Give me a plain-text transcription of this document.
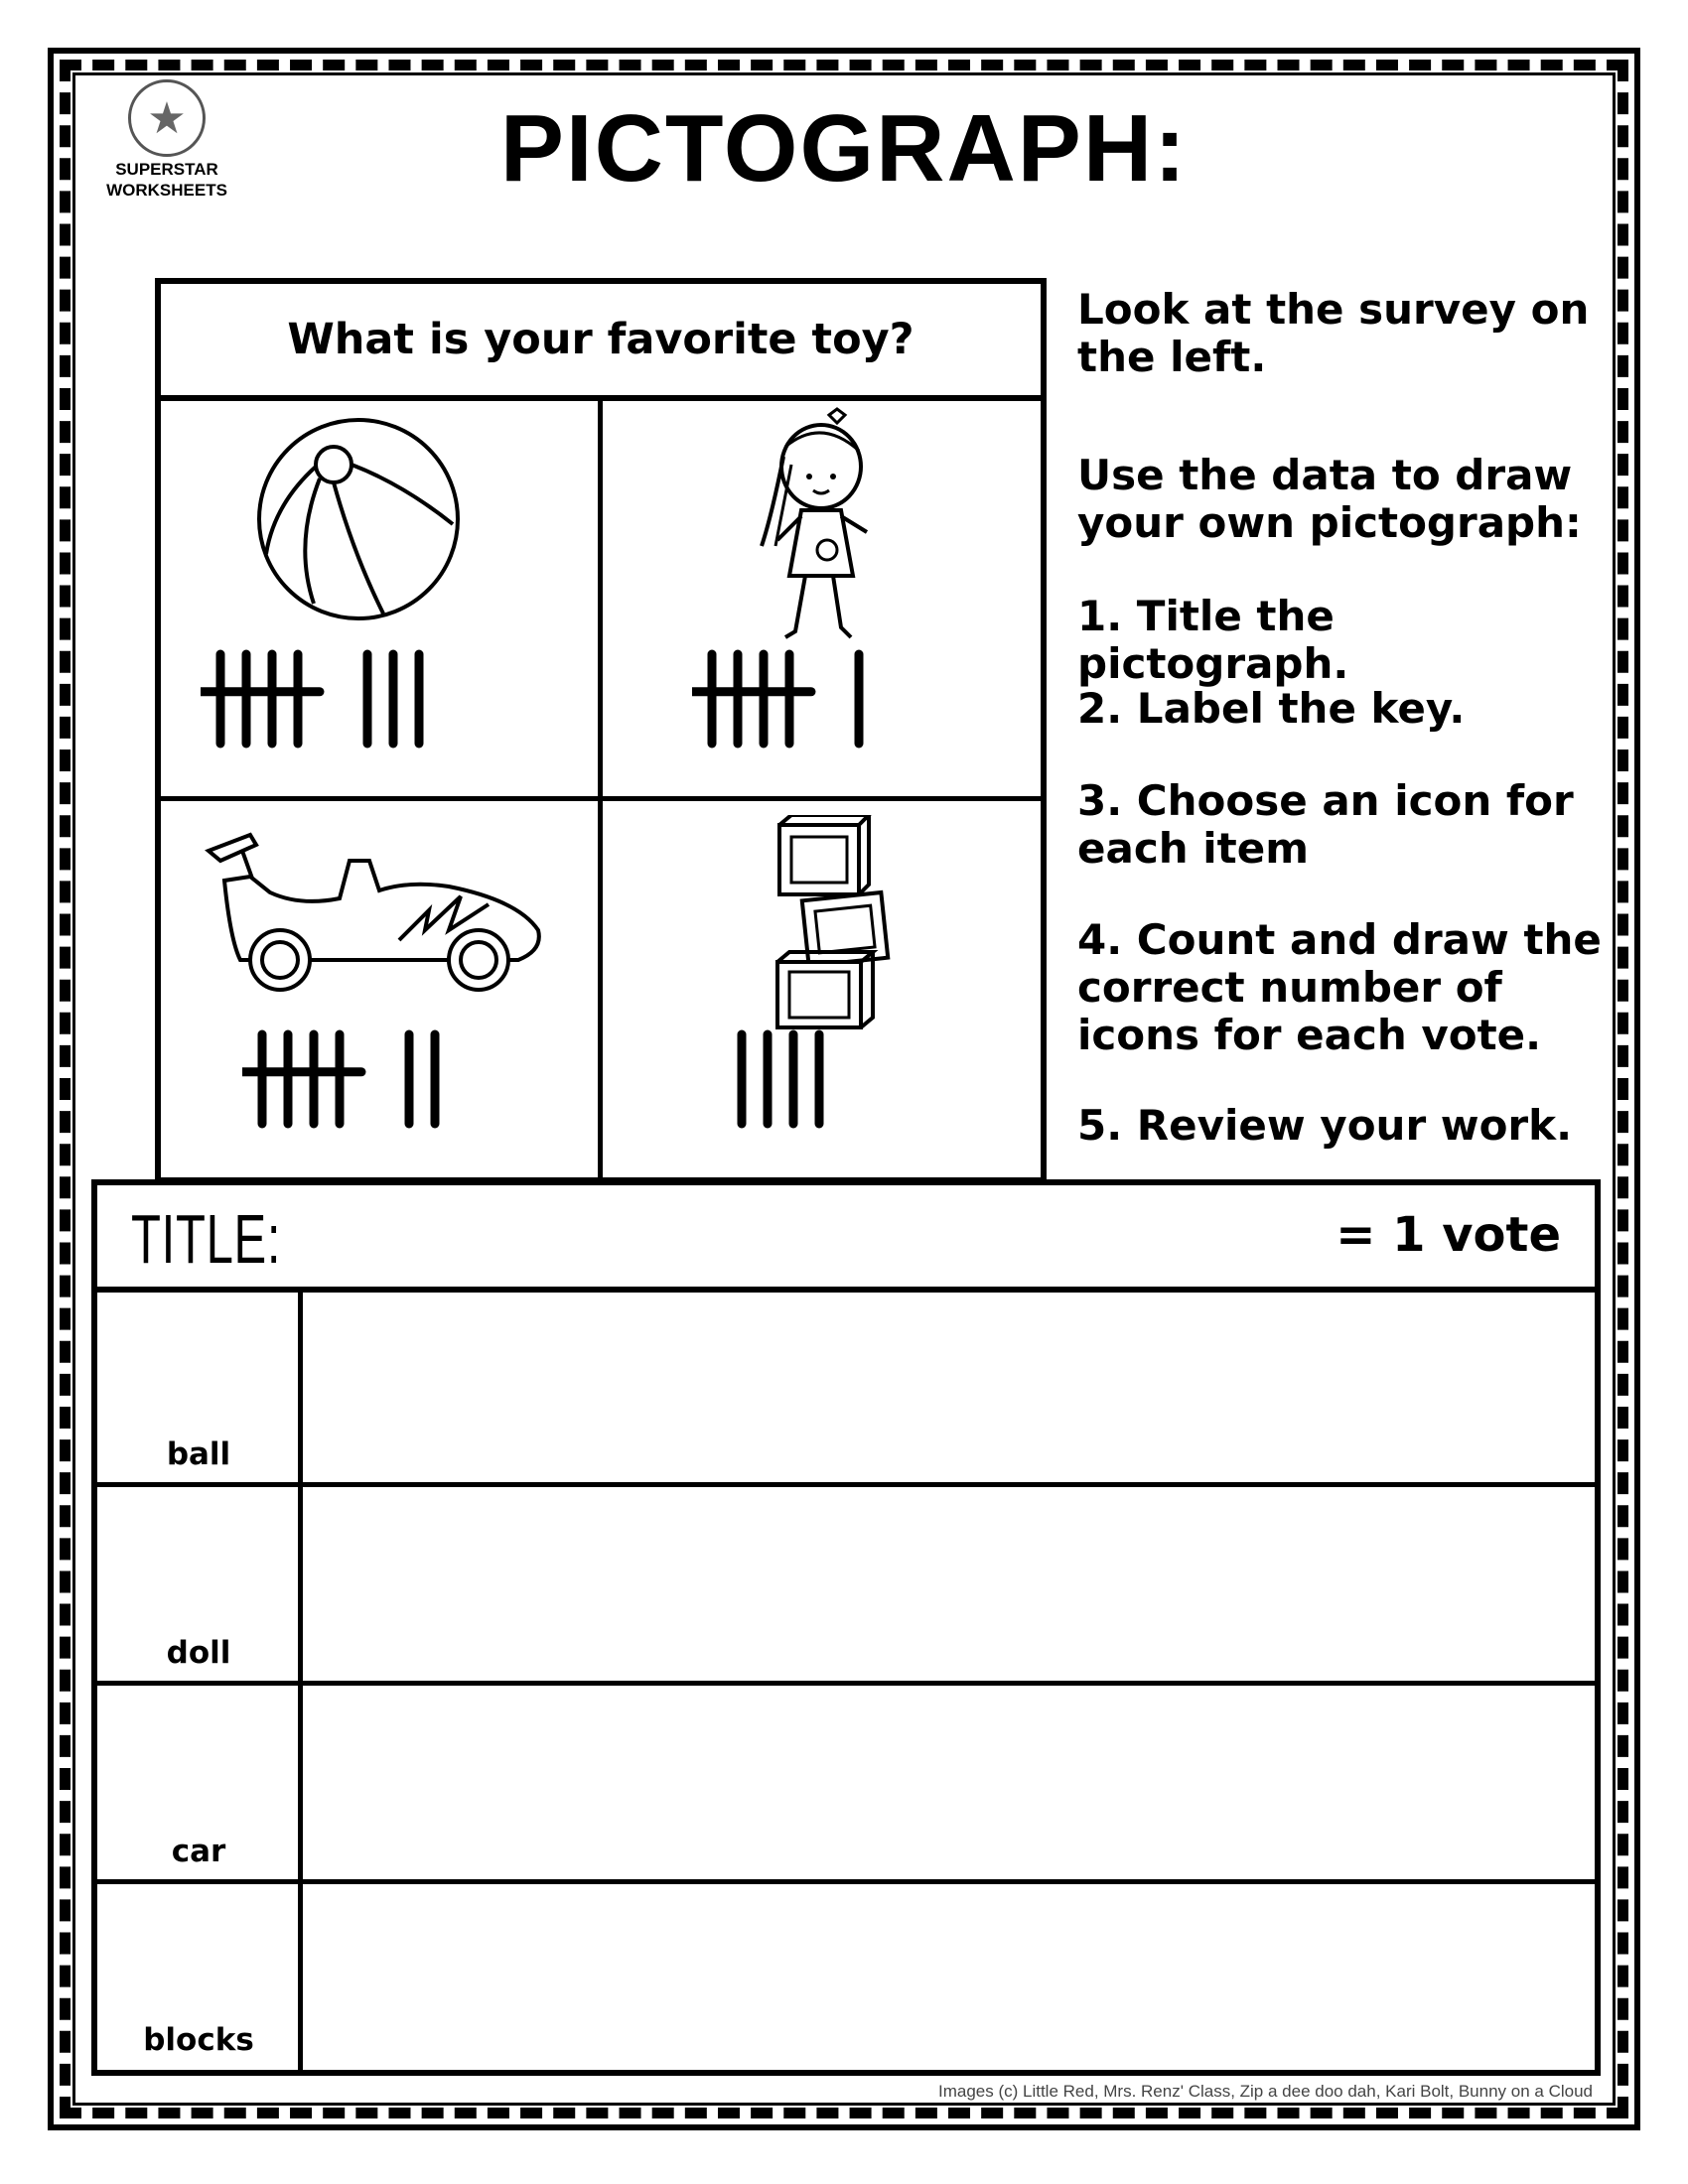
★
SUPERSTAR
WORKSHEETS	PICTOGRAPH:
What is your favorite toy?
Look at the survey on the left.
Use the data to draw your own pictograph:
1. Title the pictograph.
2. Label the key.
3. Choose an icon for each item
4. Count and draw the correct number of icons for each vote.
5. Review your work.
TITLE:	= 1 vote
ball
doll
car
blocks
Images (c) Little Red, Mrs. Renz' Class, Zip a dee doo dah, Kari Bolt, Bunny on a Cloud
